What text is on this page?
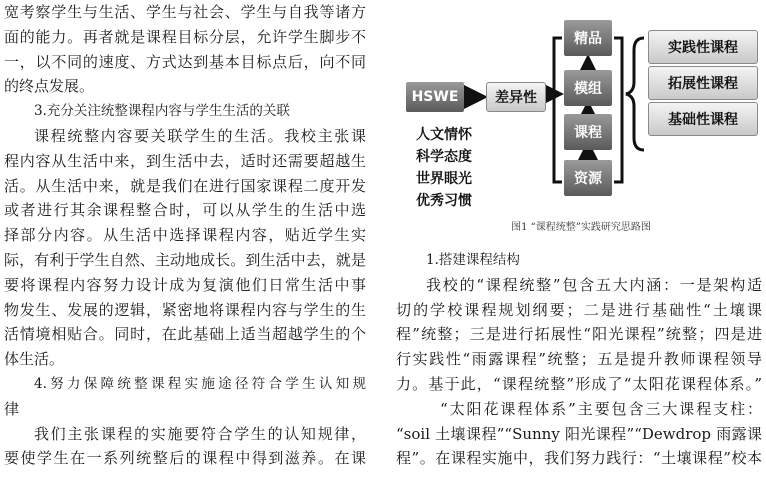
宽考察学生与生活、学生与社会、学生与自我等诸方
面的能力。再者就是课程目标分层，允许学生脚步不
一，以不同的速度、方式达到基本目标点后，向不同
的终点发展。
3.充分关注统整课程内容与学生生活的关联
课程统整内容要关联学生的生活。我校主张课
程内容从生活中来，到生活中去，适时还需要超越生
活。从生活中来，就是我们在进行国家课程二度开发
或者进行其余课程整合时，可以从学生的生活中选
择部分内容。从生活中选择课程内容，贴近学生实
际，有利于学生自然、主动地成长。到生活中去，就是
要将课程内容努力设计成为复演他们日常生活中事
物发生、发展的逻辑，紧密地将课程内容与学生的生
活情境相贴合。同时，在此基础上适当超越学生的个
体生活。
4.努力保障统整课程实施途径符合学生认知规
律
我们主张课程的实施要符合学生的认知规律，
要使学生在一系列统整后的课程中得到滋养。在课
HSWE	差异性
精品
模组
课程
资源
实践性课程
拓展性课程
基础性课程
人文情怀
科学态度
世界眼光
优秀习惯
图1 “课程统整”实践研究思路图
1.搭建课程结构
我校的“课程统整”包含五大内涵：一是架构适
切的学校课程规划纲要；二是进行基础性“土壤课
程”统整；三是进行拓展性“阳光课程”统整；四是进
行实践性“雨露课程”统整；五是提升教师课程领导
力。基于此，“课程统整”形成了“太阳花课程体系。”
“太阳花课程体系”主要包含三大课程支柱：
“soil 土壤课程”“Sunny 阳光课程”“Dewdrop 雨露课
程”。在课程实施中，我们努力践行：“土壤课程”校本
